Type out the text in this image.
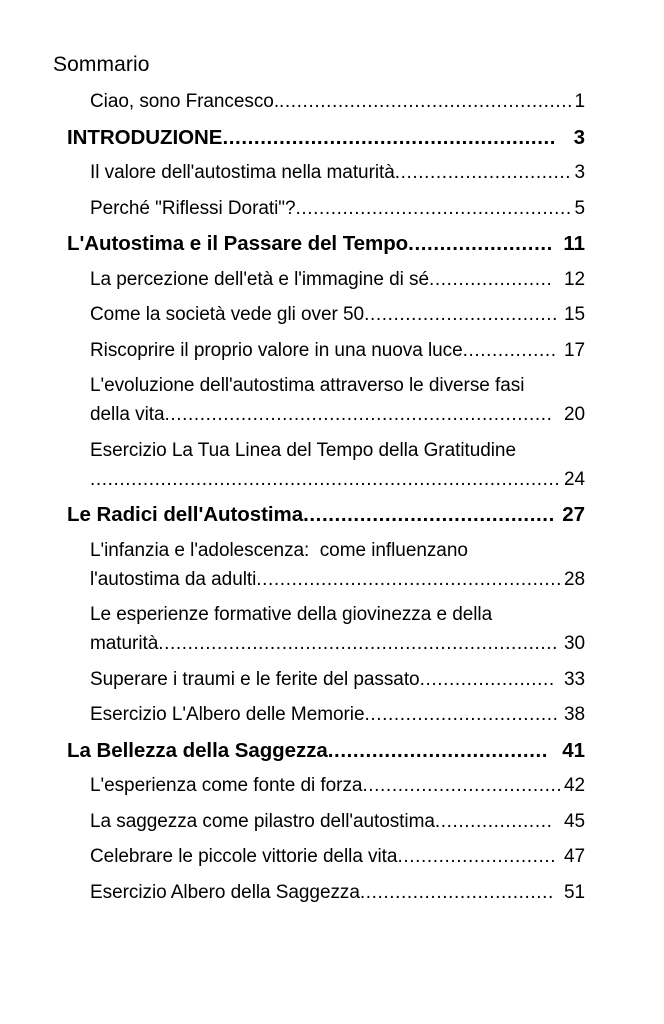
Sommario
Ciao, sono Francesco. .................................................. 1
INTRODUZIONE ..................................................... 3
Il valore dell'autostima nella maturità .............................. 3
Perché "Riflessi Dorati"? ............................................... 5
L'Autostima e il Passare del Tempo ....................... 11
La percezione dell'età e l'immagine di sé ..................... 12
Come la società vede gli over 50 ................................. 15
Riscoprire il proprio valore in una nuova luce ................ 17
L'evoluzione dell'autostima attraverso le diverse fasi
della vita .................................................................. 20
Esercizio La Tua Linea del Tempo della Gratitudine
................................................................................ 24
Le Radici dell'Autostima ........................................ 27
L'infanzia e l'adolescenza:  come influenzano
l'autostima da adulti .................................................... 28
Le esperienze formative della giovinezza e della
maturità .................................................................... 30
Superare i traumi e le ferite del passato ....................... 33
Esercizio L'Albero delle Memorie ................................. 38
La Bellezza della Saggezza ................................... 41
L'esperienza come fonte di forza .................................. 42
La saggezza come pilastro dell'autostima .................... 45
Celebrare le piccole vittorie della vita ........................... 47
Esercizio Albero della Saggezza ................................. 51
